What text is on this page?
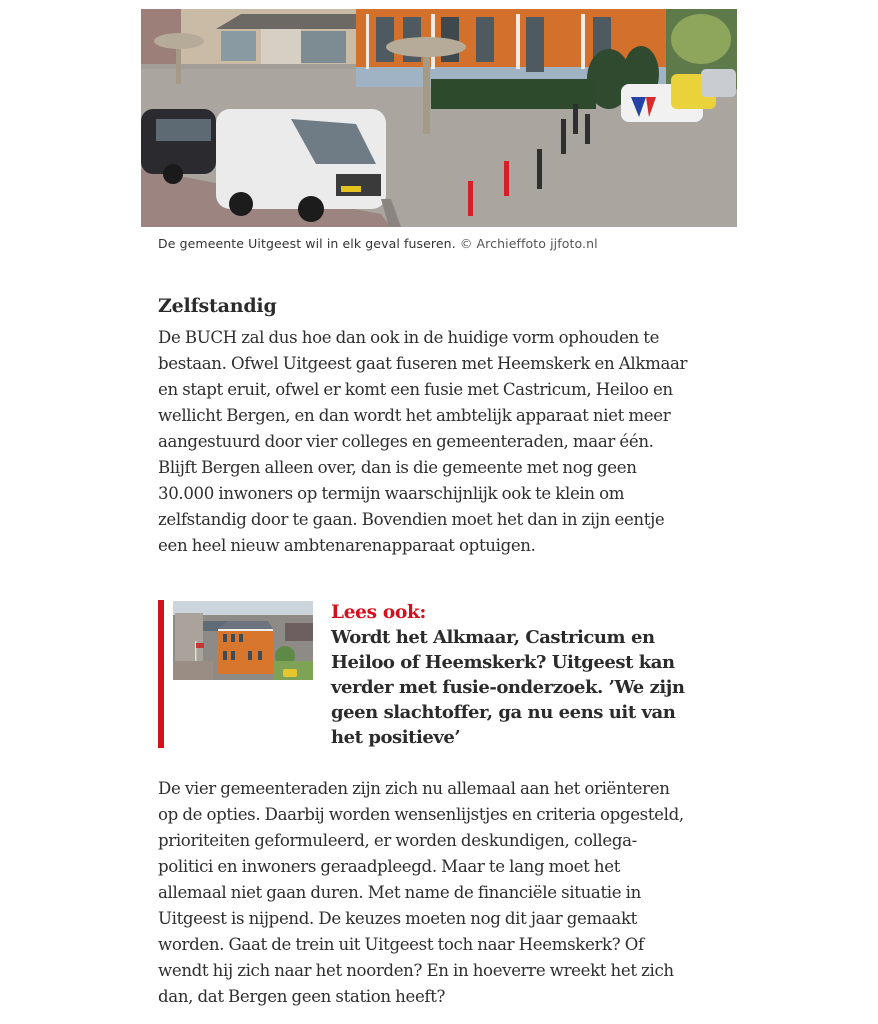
De gemeente Uitgeest wil in elk geval fuseren. © Archieffoto jjfoto.nl
Zelfstandig

De BUCH zal dus hoe dan ook in de huidige vorm ophouden te
bestaan. Ofwel Uitgeest gaat fuseren met Heemskerk en Alkmaar
en stapt eruit, ofwel er komt een fusie met Castricum, Heiloo en
wellicht Bergen, en dan wordt het ambtelijk apparaat niet meer
aangestuurd door vier colleges en gemeenteraden, maar één.
Blijft Bergen alleen over, dan is die gemeente met nog geen
30.000 inwoners op termijn waarschijnlijk ook te klein om
zelfstandig door te gaan. Bovendien moet het dan in zijn eentje
een heel nieuw ambtenarenapparaat optuigen.

Lees ook:
Wordt het Alkmaar, Castricum en
Heiloo of Heemskerk? Uitgeest kan
verder met fusie-onderzoek. ’We zijn
geen slachtoffer, ga nu eens uit van
het positieve’

De vier gemeenteraden zijn zich nu allemaal aan het oriënteren
op de opties. Daarbij worden wensenlijstjes en criteria opgesteld,
prioriteiten geformuleerd, er worden deskundigen, collega-
politici en inwoners geraadpleegd. Maar te lang moet het
allemaal niet gaan duren. Met name de financiële situatie in
Uitgeest is nijpend. De keuzes moeten nog dit jaar gemaakt
worden. Gaat de trein uit Uitgeest toch naar Heemskerk? Of
wendt hij zich naar het noorden? En in hoeverre wreekt het zich
dan, dat Bergen geen station heeft?
